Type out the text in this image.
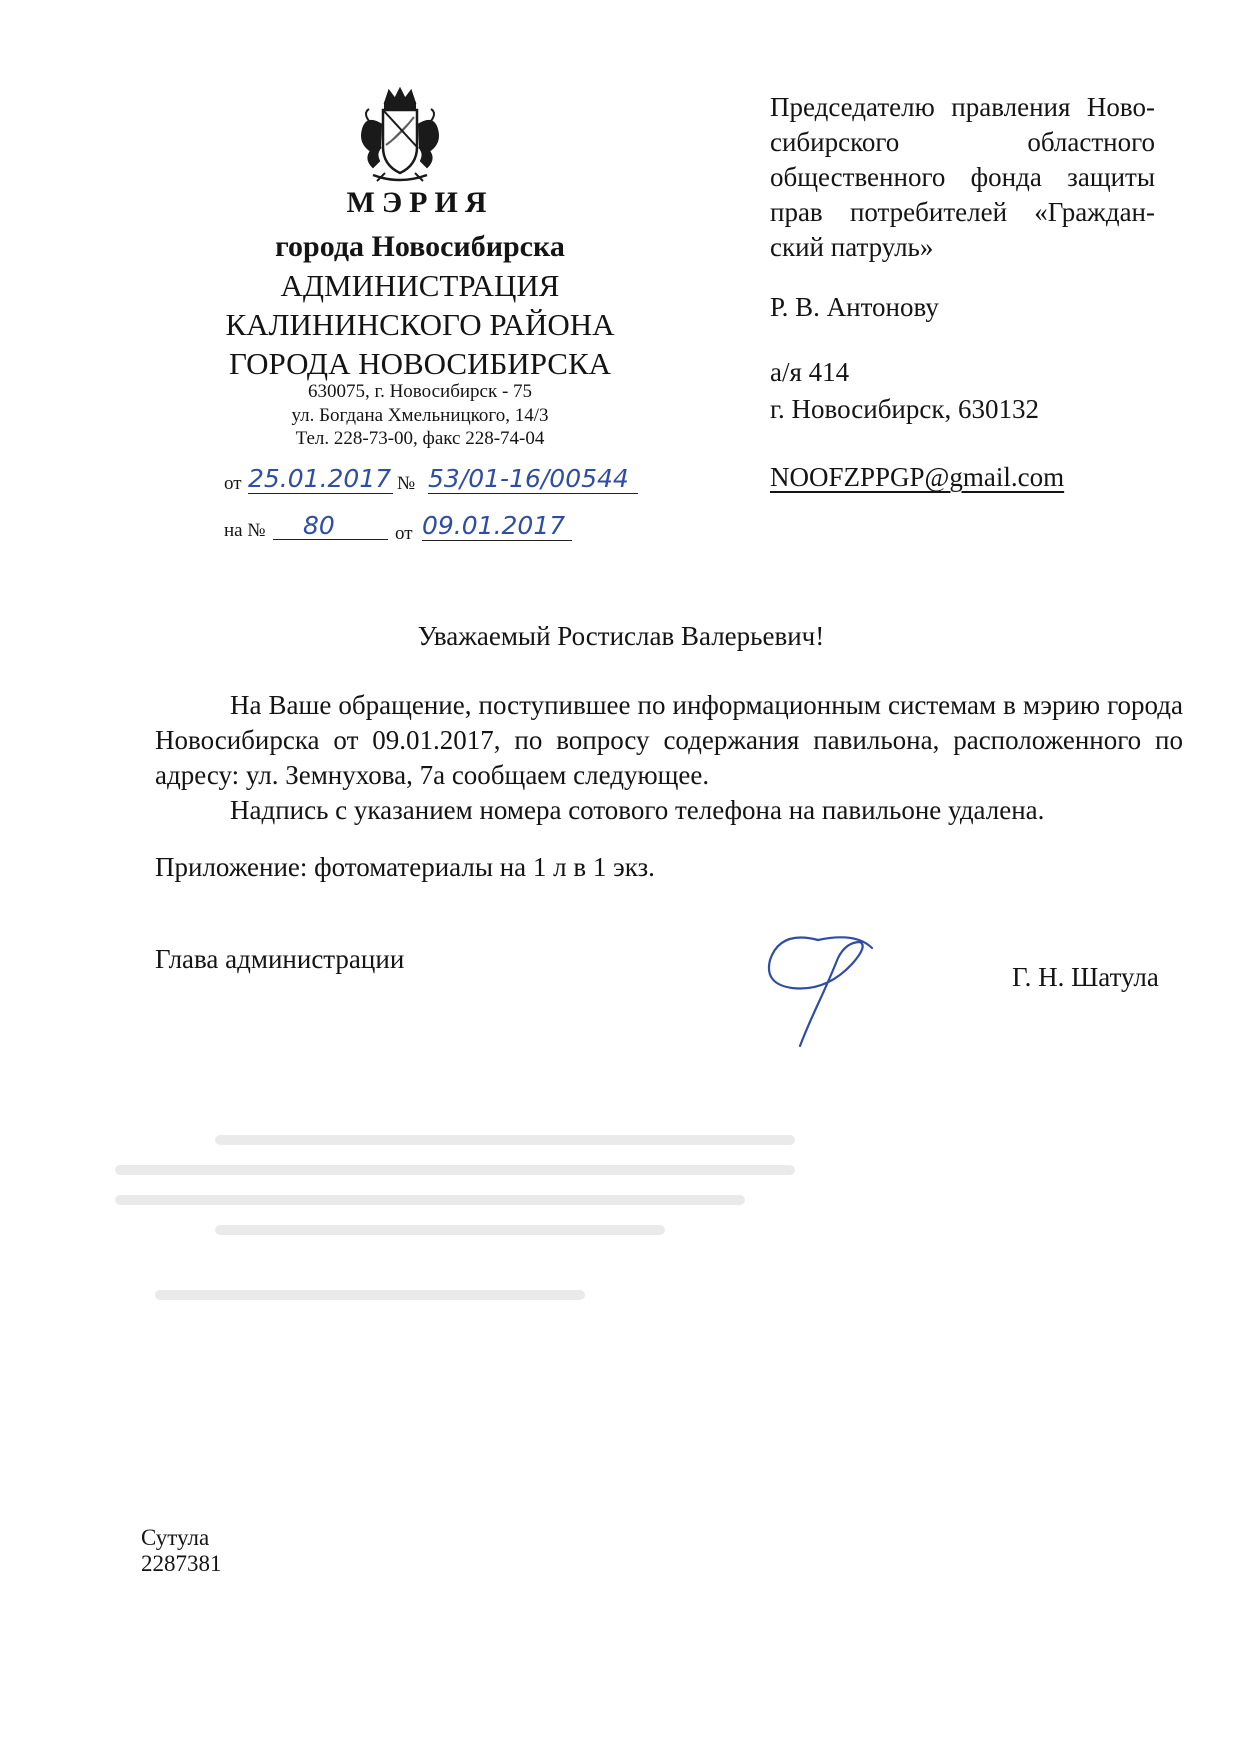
МЭРИЯ
города Новосибирска
АДМИНИСТРАЦИЯ
КАЛИНИНСКОГО РАЙОНА
ГОРОДА НОВОСИБИРСКА
630075, г. Новосибирск - 75
ул. Богдана Хмельницкого, 14/3
Тел. 228-73-00, факс 228-74-04
от 25.01.2017 № 53/01-16/00544
на №	80	от 09.01.2017
Председателю правления Ново-сибирского областного общественного фонда защиты прав потребителей «Граждан-
ский патруль»
Р. В. Антонову
а/я 414
г. Новосибирск, 630132
NOOFZPPGP@gmail.com
Уважаемый Ростислав Валерьевич!
На Ваше обращение, поступившее по информационным системам в мэрию города Новосибирска от 09.01.2017, по вопросу содержания павильона, расположенного по адресу: ул. Земнухова, 7а сообщаем следующее.
Надпись с указанием номера сотового телефона на павильоне удалена.
Приложение: фотоматериалы на 1 л в 1 экз.
Глава администрации
Г. Н. Шатула
Сутула
2287381
